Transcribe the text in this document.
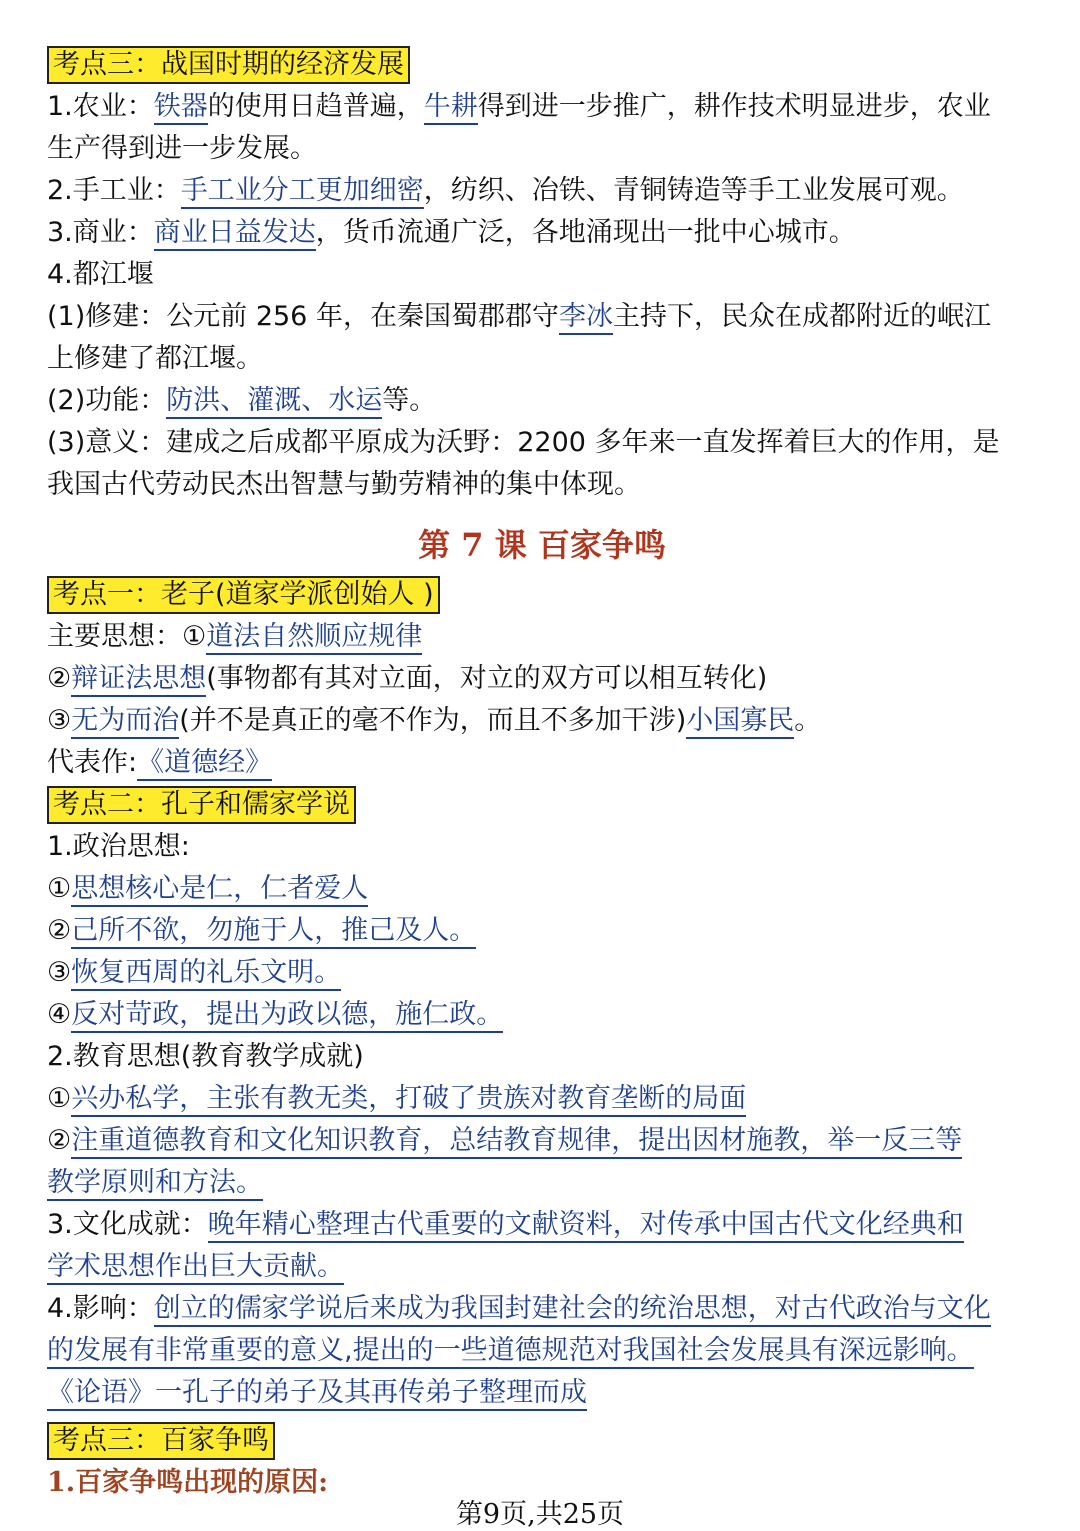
考点三：战国时期的经济发展
1.农业：铁器的使用日趋普遍，牛耕得到进一步推广，耕作技术明显进步，农业
生产得到进一步发展。
2.手工业：手工业分工更加细密，纺织、冶铁、青铜铸造等手工业发展可观。
3.商业：商业日益发达，货币流通广泛，各地涌现出一批中心城市。
4.都江堰
(1)修建：公元前 256 年，在秦国蜀郡郡守李冰主持下，民众在成都附近的岷江
上修建了都江堰。
(2)功能：防洪、灌溉、水运等。
(3)意义：建成之后成都平原成为沃野：2200 多年来一直发挥着巨大的作用，是
我国古代劳动民杰出智慧与勤劳精神的集中体现。
第 7 课 百家争鸣
考点一：老子(道家学派创始人 )
主要思想：①道法自然顺应规律
②辩证法思想(事物都有其对立面，对立的双方可以相互转化)
③无为而治(并不是真正的毫不作为，而且不多加干涉)小国寡民。
代表作:《道德经》
考点二：孔子和儒家学说
1.政治思想:
①思想核心是仁，仁者爱人
②己所不欲，勿施于人，推己及人。
③恢复西周的礼乐文明。
④反对苛政，提出为政以德，施仁政。
2.教育思想(教育教学成就)
①兴办私学，主张有教无类，打破了贵族对教育垄断的局面
②注重道德教育和文化知识教育，总结教育规律，提出因材施教，举一反三等
教学原则和方法。
3.文化成就：晚年精心整理古代重要的文献资料，对传承中国古代文化经典和
学术思想作出巨大贡献。
4.影响：创立的儒家学说后来成为我国封建社会的统治思想，对古代政治与文化
的发展有非常重要的意义,提出的一些道德规范对我国社会发展具有深远影响。
《论语》一孔子的弟子及其再传弟子整理而成
考点三：百家争鸣
1.百家争鸣出现的原因:
第9页,共25页
